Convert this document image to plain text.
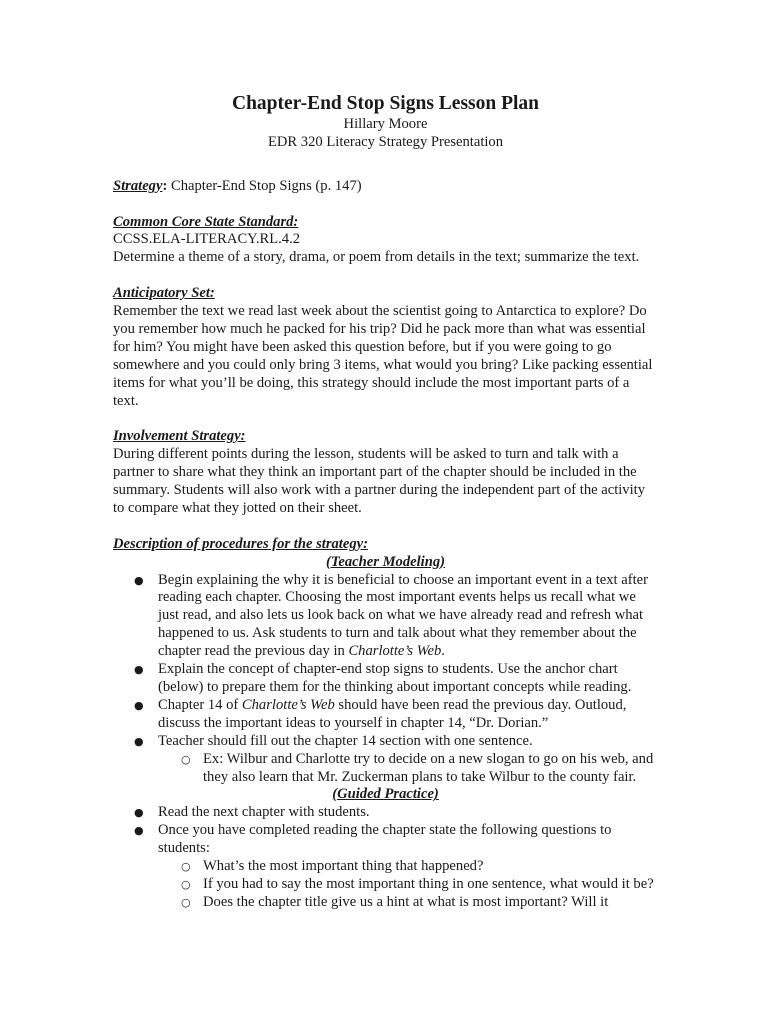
Chapter-End Stop Signs Lesson Plan

Hillary Moore

EDR 320 Literacy Strategy Presentation

Strategy: Chapter-End Stop Signs (p. 147)

Common Core State Standard:

CCSS.ELA-LITERACY.RL.4.2

Determine a theme of a story, drama, or poem from details in the text; summarize the text.

Anticipatory Set:

Remember the text we read last week about the scientist going to Antarctica to explore? Do you remember how much he packed for his trip? Did he pack more than what was essential for him? You might have been asked this question before, but if you were going to go somewhere and you could only bring 3 items, what would you bring? Like packing essential items for what you’ll be doing, this strategy should include the most important parts of a text.

Involvement Strategy:

During different points during the lesson, students will be asked to turn and talk with a partner to share what they think an important part of the chapter should be included in the summary. Students will also work with a partner during the independent part of the activity to compare what they jotted on their sheet.

Description of procedures for the strategy:

(Teacher Modeling)

● Begin explaining the why it is beneficial to choose an important event in a text after reading each chapter. Choosing the most important events helps us recall what we just read, and also lets us look back on what we have already read and refresh what happened to us. Ask students to turn and talk about what they remember about the chapter read the previous day in Charlotte’s Web.
● Explain the concept of chapter-end stop signs to students. Use the anchor chart (below) to prepare them for the thinking about important concepts while reading.
● Chapter 14 of Charlotte’s Web should have been read the previous day. Outloud, discuss the important ideas to yourself in chapter 14, “Dr. Dorian.”
● Teacher should fill out the chapter 14 section with one sentence.
○ Ex: Wilbur and Charlotte try to decide on a new slogan to go on his web, and they also learn that Mr. Zuckerman plans to take Wilbur to the county fair.

(Guided Practice)

● Read the next chapter with students.
● Once you have completed reading the chapter state the following questions to students:
○ What’s the most important thing that happened?
○ If you had to say the most important thing in one sentence, what would it be?
○ Does the chapter title give us a hint at what is most important? Will it
